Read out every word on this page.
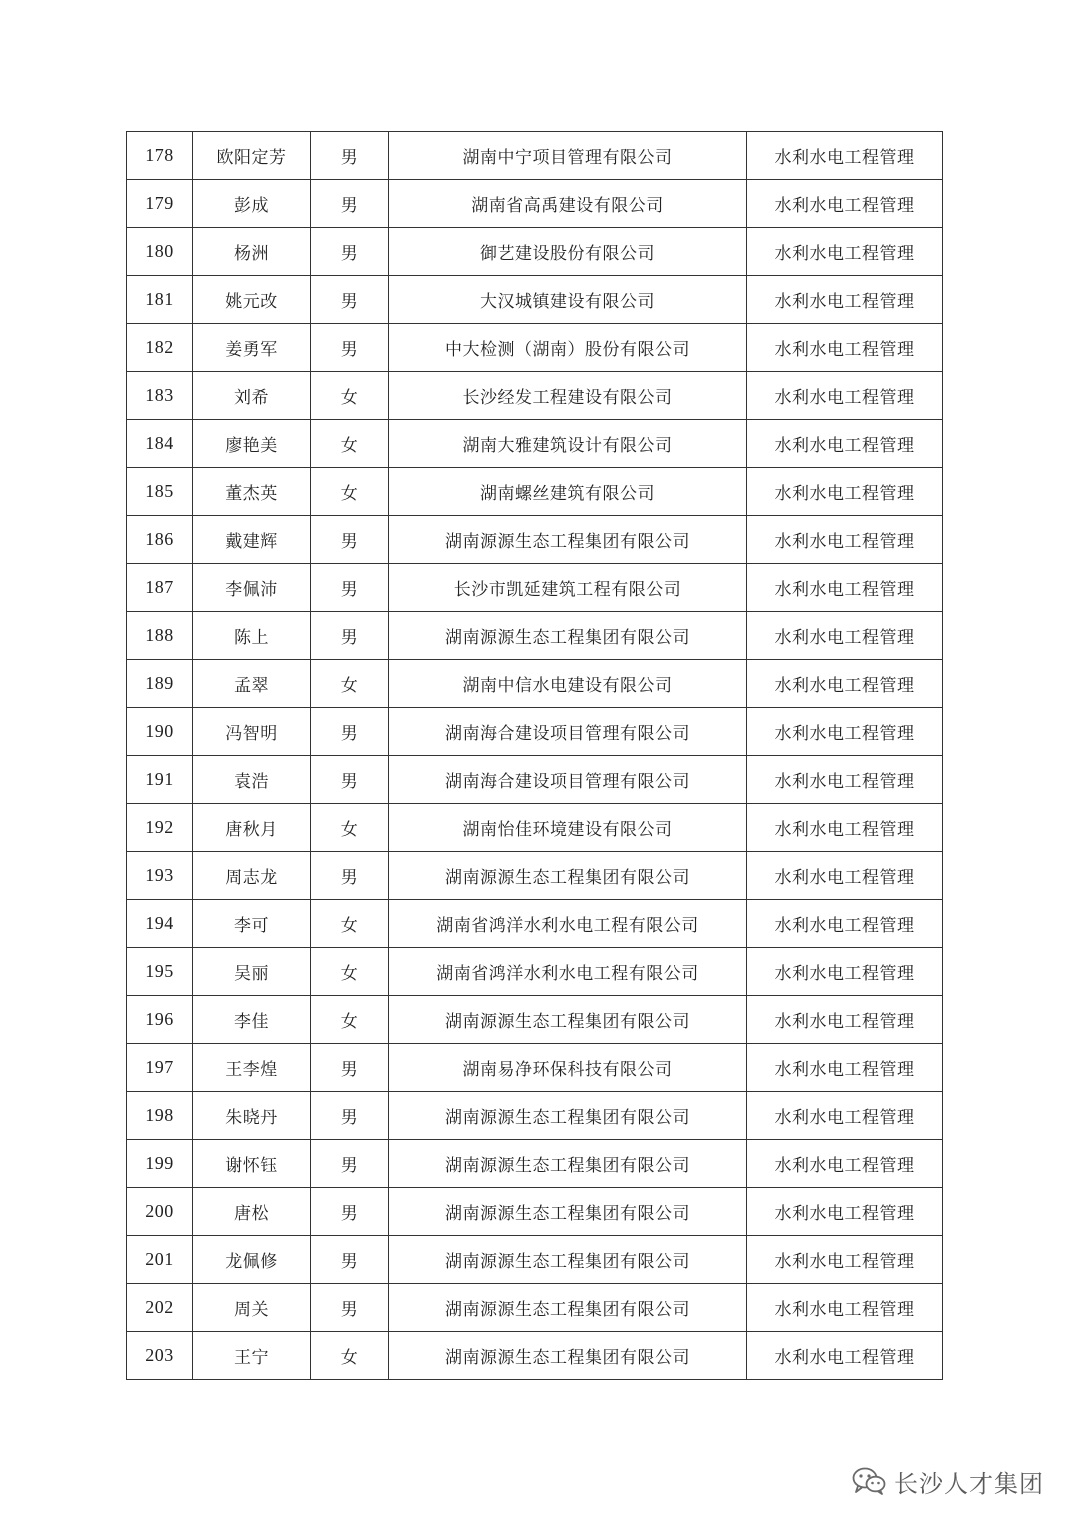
178	欧阳定芳	男	湖南中宁项目管理有限公司	水利水电工程管理
179	彭成	男	湖南省高禹建设有限公司	水利水电工程管理
180	杨洲	男	御艺建设股份有限公司	水利水电工程管理
181	姚元改	男	大汉城镇建设有限公司	水利水电工程管理
182	姜勇军	男	中大检测（湖南）股份有限公司	水利水电工程管理
183	刘希	女	长沙经发工程建设有限公司	水利水电工程管理
184	廖艳美	女	湖南大雅建筑设计有限公司	水利水电工程管理
185	董杰英	女	湖南螺丝建筑有限公司	水利水电工程管理
186	戴建辉	男	湖南源源生态工程集团有限公司	水利水电工程管理
187	李佩沛	男	长沙市凯延建筑工程有限公司	水利水电工程管理
188	陈上	男	湖南源源生态工程集团有限公司	水利水电工程管理
189	孟翠	女	湖南中信水电建设有限公司	水利水电工程管理
190	冯智明	男	湖南海合建设项目管理有限公司	水利水电工程管理
191	袁浩	男	湖南海合建设项目管理有限公司	水利水电工程管理
192	唐秋月	女	湖南怡佳环境建设有限公司	水利水电工程管理
193	周志龙	男	湖南源源生态工程集团有限公司	水利水电工程管理
194	李可	女	湖南省鸿洋水利水电工程有限公司	水利水电工程管理
195	吴丽	女	湖南省鸿洋水利水电工程有限公司	水利水电工程管理
196	李佳	女	湖南源源生态工程集团有限公司	水利水电工程管理
197	王李煌	男	湖南易净环保科技有限公司	水利水电工程管理
198	朱晓丹	男	湖南源源生态工程集团有限公司	水利水电工程管理
199	谢怀钰	男	湖南源源生态工程集团有限公司	水利水电工程管理
200	唐松	男	湖南源源生态工程集团有限公司	水利水电工程管理
201	龙佩修	男	湖南源源生态工程集团有限公司	水利水电工程管理
202	周关	男	湖南源源生态工程集团有限公司	水利水电工程管理
203	王宁	女	湖南源源生态工程集团有限公司	水利水电工程管理
长沙人才集团
